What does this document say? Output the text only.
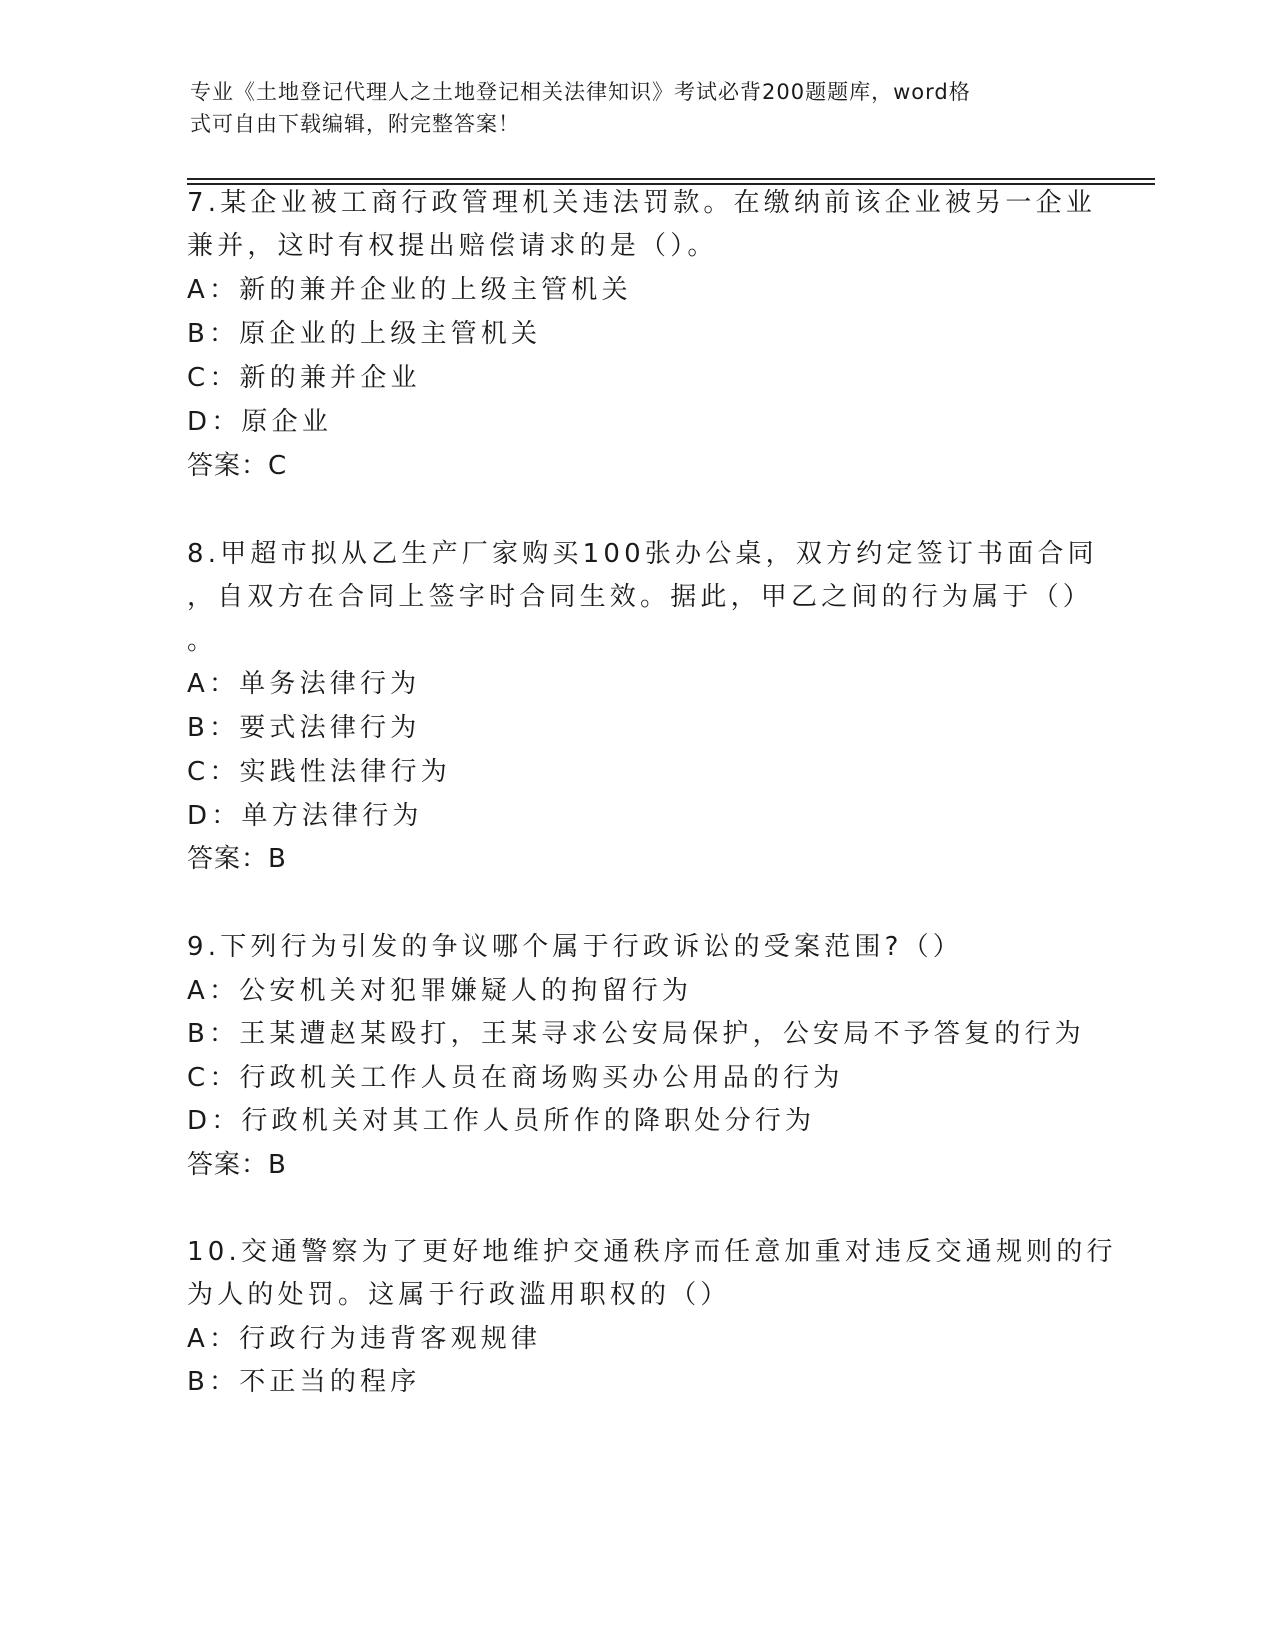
专业《土地登记代理人之土地登记相关法律知识》考试必背200题题库，word格
式可自由下载编辑，附完整答案！
7.某企业被工商行政管理机关违法罚款。在缴纳前该企业被另一企业
兼并，这时有权提出赔偿请求的是（）。
A：新的兼并企业的上级主管机关
B：原企业的上级主管机关
C：新的兼并企业
D：原企业
答案：C
8.甲超市拟从乙生产厂家购买100张办公桌，双方约定签订书面合同
，自双方在合同上签字时合同生效。据此，甲乙之间的行为属于（）
。
A：单务法律行为
B：要式法律行为
C：实践性法律行为
D：单方法律行为
答案：B
9.下列行为引发的争议哪个属于行政诉讼的受案范围?（）
A：公安机关对犯罪嫌疑人的拘留行为
B：王某遭赵某殴打，王某寻求公安局保护，公安局不予答复的行为
C：行政机关工作人员在商场购买办公用品的行为
D：行政机关对其工作人员所作的降职处分行为
答案：B
10.交通警察为了更好地维护交通秩序而任意加重对违反交通规则的行
为人的处罚。这属于行政滥用职权的（）
A：行政行为违背客观规律
B：不正当的程序
